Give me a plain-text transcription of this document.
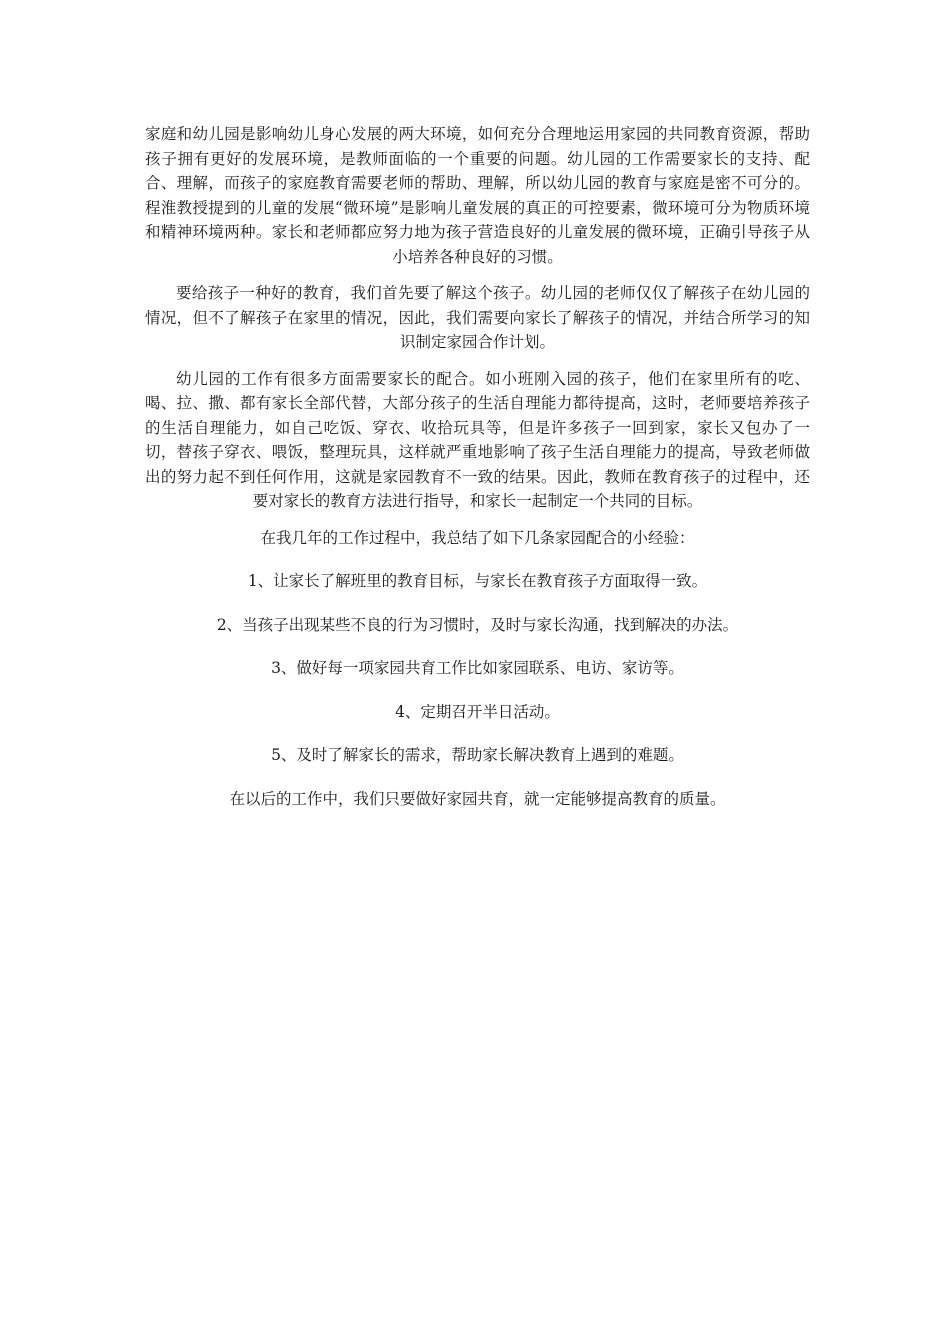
家庭和幼儿园是影响幼儿身心发展的两大环境，如何充分合理地运用家园的共同教育资源，帮助孩子拥有更好的发展环境，是教师面临的一个重要的问题。幼儿园的工作需要家长的支持、配合、理解，而孩子的家庭教育需要老师的帮助、理解，所以幼儿园的教育与家庭是密不可分的。程淮教授提到的儿童的发展“微环境”是影响儿童发展的真正的可控要素，微环境可分为物质环境和精神环境两种。家长和老师都应努力地为孩子营造良好的儿童发展的微环境，正确引导孩子从小培养各种良好的习惯。

要给孩子一种好的教育，我们首先要了解这个孩子。幼儿园的老师仅仅了解孩子在幼儿园的情况，但不了解孩子在家里的情况，因此，我们需要向家长了解孩子的情况，并结合所学习的知识制定家园合作计划。

幼儿园的工作有很多方面需要家长的配合。如小班刚入园的孩子，他们在家里所有的吃、喝、拉、撒、都有家长全部代替，大部分孩子的生活自理能力都待提高，这时，老师要培养孩子的生活自理能力，如自己吃饭、穿衣、收拾玩具等，但是许多孩子一回到家，家长又包办了一切，替孩子穿衣、喂饭，整理玩具，这样就严重地影响了孩子生活自理能力的提高，导致老师做出的努力起不到任何作用，这就是家园教育不一致的结果。因此，教师在教育孩子的过程中，还要对家长的教育方法进行指导，和家长一起制定一个共同的目标。

在我几年的工作过程中，我总结了如下几条家园配合的小经验：

1、让家长了解班里的教育目标，与家长在教育孩子方面取得一致。

2、当孩子出现某些不良的行为习惯时，及时与家长沟通，找到解决的办法。

3、做好每一项家园共育工作比如家园联系、电访、家访等。

4、定期召开半日活动。

5、及时了解家长的需求，帮助家长解决教育上遇到的难题。

在以后的工作中，我们只要做好家园共育，就一定能够提高教育的质量。
